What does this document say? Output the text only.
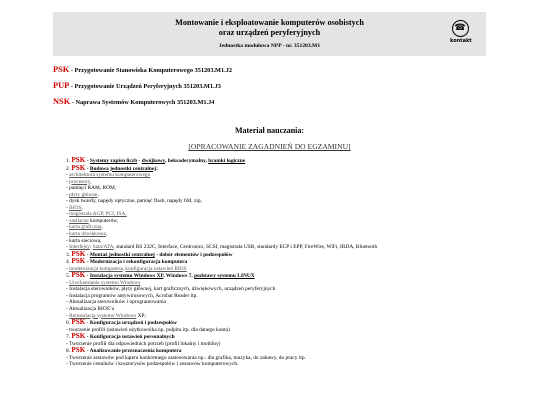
Montowanie i eksploatowanie komputerów osobistych
oraz urządzeń peryferyjnych
Jednostka modułowa NPP - nr. 351203.M1
☎
kontakt
PSK - Przygotowanie Stanowiska Komputerowego 351203.M1.J2
PUP - Przygotowanie Urządzeń Peryferyjnych 351203.M1.J3
NSK - Naprawa Systemów Komputerowych 351203.M1.J4
Materiał nauczania:
[OPRACOWANIE ZAGADNIEŃ DO EGZAMINU]
1. PSK - Systemy zapisu liczb - dwójkowy, heksadecymalny, bramki logiczne
2. PSK - Budowa jednostki centralnej:
- architektura systemu komputerowego
- procesory,
- pamięci RAM, ROM,
- płyty główne,
- dysk twardy, napędy optyczne, pamięć flash, napędy fdd, zip,
- BIOS,
- magistrala AGP, PCI, ISA,
- zasilacze komputerów,
- karta graficzna,
- karta dźwiękowa,
- karta sieciowa,
- Interfejsy: Sata/ATA, standard RS 232C, Interface, Centronics, SCSI, magistrala USB, standardy ECP i EPP, FireWire, WiFi, IRDA, Bluetooth
3. PSK - Montaż jednostki centralnej - dobór elementów i podzespołów
4. PSK - Modernizacja i rekonfiguracja komputera
- modernizacja komputera, konfiguracja ustawień BIOS
5. PSK - Instalacja systemu Windows XP, Windows 7, podstawy systemu LINUX
- Uruchamianie systemu Windows
- Instalacja sterowników, płyty głównej, kart graficznych, dźwiękowych, urządzeń peryferyjnych
- Instalacja programów antywirusowych, Acrobat Reader itp.
- Aktualizacja sterowników i oprogramowania
- Aktualizacja BIOS`u
- Reinstalacja systemu Windows XP;
6. PSK - Konfiguracja urządzeń i podzespołów
- tworzenie profili (ustawień użytkownika np. pulpitu itp. dla danego konta)
7. PSK - Konfiguracja ustawień personalnych
- Tworzenie profili dla odpowiednich potrzeb (profil lokalny i mobilny)
8. PSK - Analizowanie przeznaczenia komputera
- Tworzenie zestawów pod kątem konkretnego zastosowania np.: dla grafika, muzyka, do zabawy, do pracy itp.
- Tworzenie cenników i kosztorysów podzespołów i zestawów komputerowych.
